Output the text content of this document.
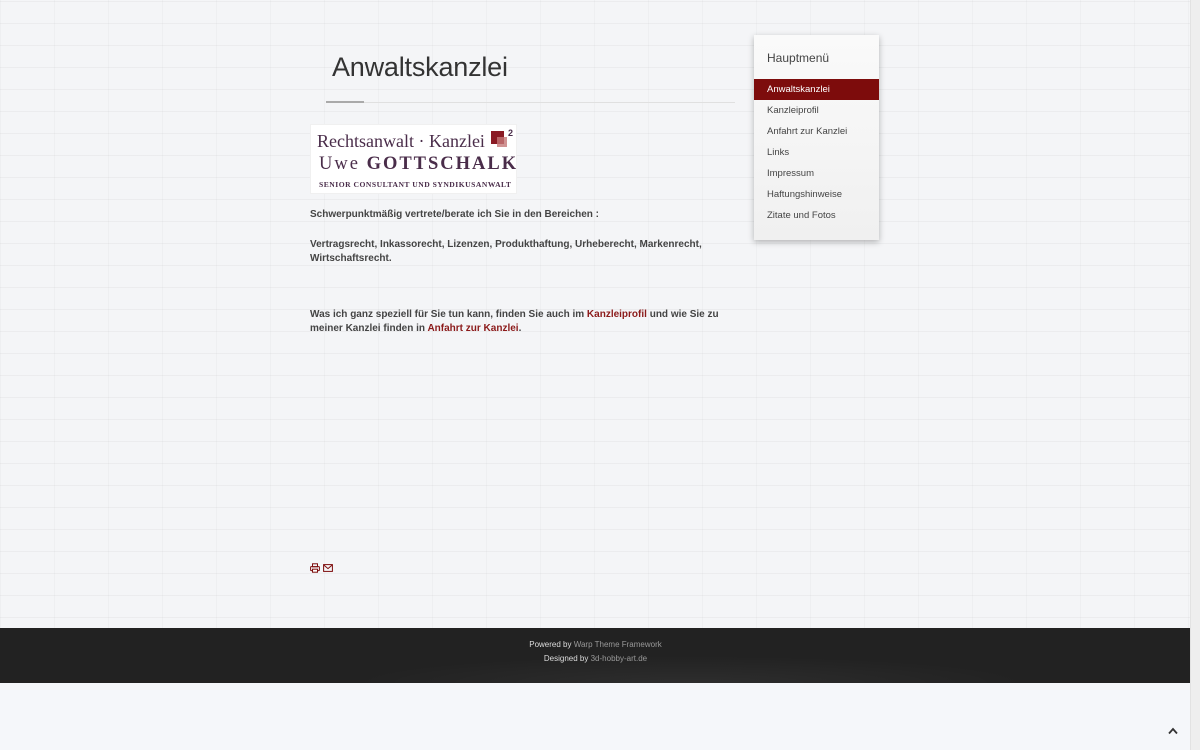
Anwaltskanzlei
Rechtsanwalt · Kanzlei	2
Uwe GOTTSCHALK
SENIOR CONSULTANT UND SYNDIKUSANWALT

Schwerpunktmäßig vertrete/berate ich Sie in den Bereichen :

Vertragsrecht, Inkassorecht, Lizenzen, Produkthaftung, Urheberecht, Markenrecht, Wirtschaftsrecht.

Was ich ganz speziell für Sie tun kann, finden Sie auch im Kanzleiprofil und wie Sie zu meiner Kanzlei finden in Anfahrt zur Kanzlei.

Hauptmenü
Anwaltskanzlei
Kanzleiprofil
Anfahrt zur Kanzlei
Links
Impressum
Haftungshinweise
Zitate und Fotos
Powered by Warp Theme Framework
Designed by 3d-hobby-art.de
